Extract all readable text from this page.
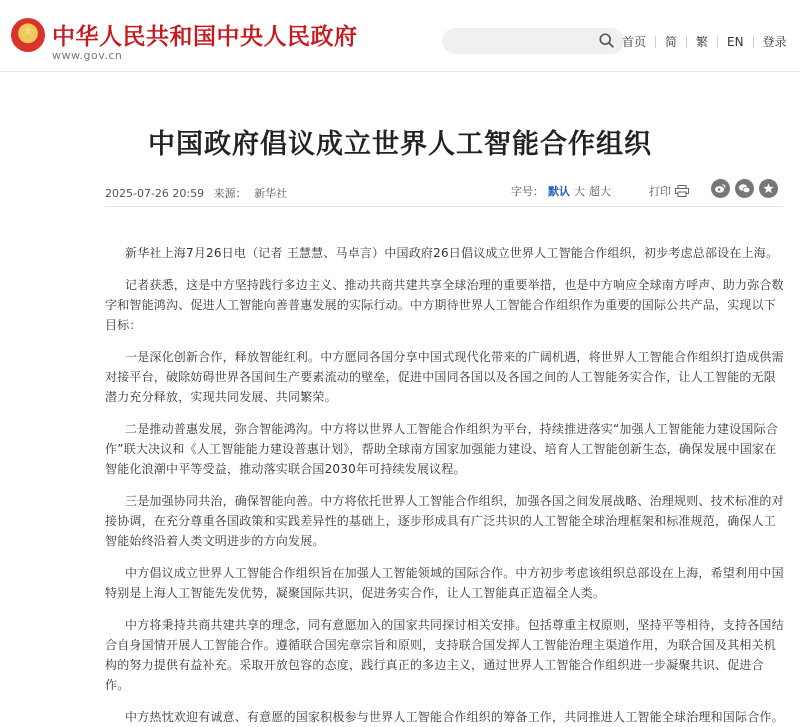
★ 中华人民共和国中央人民政府
www.gov.cn
首页 简 繁 EN 登录
中国政府倡议成立世界人工智能合作组织
2025-07-26 20:59 来源： 新华社	字号： 默认 大 超大	打印

新华社上海7月26日电（记者 王慧慧、马卓言）中国政府26日倡议成立世界人工智能合作组织，初步考虑总部设在上海。

记者获悉，这是中方坚持践行多边主义、推动共商共建共享全球治理的重要举措，也是中方响应全球南方呼声、助力弥合数字和智能鸿沟、促进人工智能向善普惠发展的实际行动。中方期待世界人工智能合作组织作为重要的国际公共产品，实现以下目标：

一是深化创新合作，释放智能红利。中方愿同各国分享中国式现代化带来的广阔机遇，将世界人工智能合作组织打造成供需对接平台，破除妨碍世界各国间生产要素流动的壁垒，促进中国同各国以及各国之间的人工智能务实合作，让人工智能的无限潜力充分释放，实现共同发展、共同繁荣。

二是推动普惠发展，弥合智能鸿沟。中方将以世界人工智能合作组织为平台，持续推进落实“加强人工智能能力建设国际合作”联大决议和《人工智能能力建设普惠计划》，帮助全球南方国家加强能力建设、培育人工智能创新生态，确保发展中国家在智能化浪潮中平等受益，推动落实联合国2030年可持续发展议程。

三是加强协同共治，确保智能向善。中方将依托世界人工智能合作组织，加强各国之间发展战略、治理规则、技术标准的对接协调，在充分尊重各国政策和实践差异性的基础上，逐步形成具有广泛共识的人工智能全球治理框架和标准规范，确保人工智能始终沿着人类文明进步的方向发展。

中方倡议成立世界人工智能合作组织旨在加强人工智能领域的国际合作。中方初步考虑该组织总部设在上海，希望利用中国特别是上海人工智能先发优势，凝聚国际共识，促进务实合作，让人工智能真正造福全人类。

中方将秉持共商共建共享的理念，同有意愿加入的国家共同探讨相关安排。包括尊重主权原则，坚持平等相待，支持各国结合自身国情开展人工智能合作。遵循联合国宪章宗旨和原则，支持联合国发挥人工智能治理主渠道作用，为联合国及其相关机构的努力提供有益补充。采取开放包容的态度，践行真正的多边主义，通过世界人工智能合作组织进一步凝聚共识、促进合作。

中方热忱欢迎有诚意、有意愿的国家积极参与世界人工智能合作组织的筹备工作，共同推进人工智能全球治理和国际合作。
